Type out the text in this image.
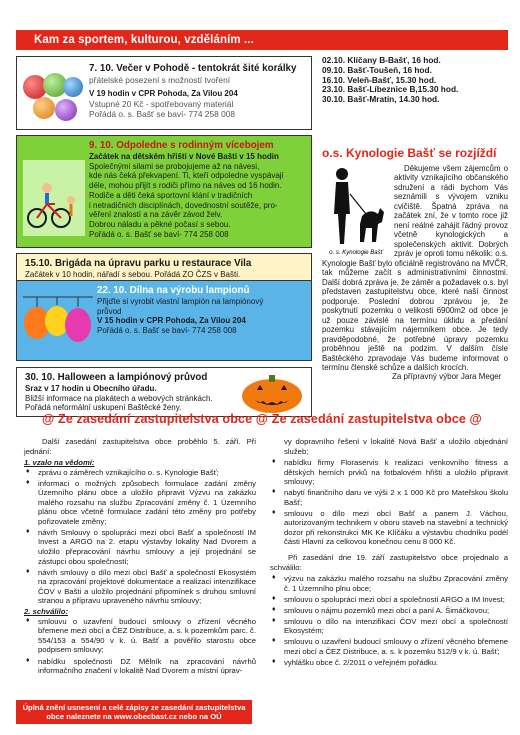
Kam za sportem, kulturou, vzděláním ...
7. 10. Večer v Pohodě - tentokrát šité korálky
přátelské posezení s možností tvoření
V 19 hodin v CPR Pohoda, Za Vilou 204
Vstupné 20 Kč - spotřebovaný materiál
Pořádá o. s. Bašť se baví- 774 258 008
9. 10. Odpoledne s rodinným vícebojem
Začátek na dětském hřišti v Nové Bašti v 15 hodin
Společnými silami se probojujeme až na návesi,
kde nás čeká překvapení. Ti, kteří odpoledne vyspávají
déle, mohou přijít s rodiči přímo na náves od 16 hodin.
Rodiče a děti čeká sportovní klání v tradičních
i netradičních disciplínách, dovednostní soutěže, pro-
věření znalostí a na závěr závod želv.
Dobrou náladu a pěkné počasí s sebou.
Pořádá o. s. Bašť se baví- 774 258 008
15.10. Brigáda na úpravu parku u restaurace Vila
Začátek v 10 hodin, nářadí s sebou. Pořádá ZO ČZS v Bašti.
22. 10. Dílna na výrobu lampionů
Přijďte si vyrobit vlastní lampión na lampiónový
průvod
V 15 hodin v CPR Pohoda, Za Vilou 204
Pořádá o. s. Bašť se baví- 774 258 008
30. 10. Halloween a lampiónový průvod
Sraz v 17 hodin u Obecního úřadu.
Bližší informace na plakátech a webových stránkách.
Pořádá neformální uskupení Baštěcké ženy.
02.10. Klíčany B-Bašť, 16 hod.
09.10. Bašť-Toušeň, 16 hod.
16.10. Veleň-Bašť, 15.30 hod.
23.10. Bašť-Líbeznice B,15.30 hod.
30.10. Bašť-Mratín, 14.30 hod.
o.s. Kynologie Bašť se rozjíždí
o. s. Kynologie Bašť

Děkujeme všem zájemcům o aktivity vznikajícího občanského sdružení a rádi bychom Vás seznámili s vývojem vzniku cvičiště. Špatná zpráva na začátek zní, že v tomto roce již není reálné zahájit řádný provoz včetně kynologických a společenských aktivit. Dobrých zpráv je oproti tomu několik: o.s. Kynologie Bašť bylo oficiálně registrováno na MVČR, tak můžeme začít s administrativními činnostmi. Další dobrá zpráva je, že záměr a požadavek o.s. byl představen zastupitelstvu obce, které naší činnost podporuje. Poslední dobrou zprávou je, že poskytnutí pozemku o velikosti 6900m2 od obce je už pouze závislé na termínu úklidu a předání pozemku stávajícím nájemníkem obce. Je tedy pravděpodobné, že potřebné úpravy pozemku proběhnou ještě na podzim. V dalším čísle Baštěckého zpravodaje Vás budeme informovat o termínu členské schůze a dalších krocích.

Za přípravný výbor Jara Meger
@ Ze zasedání zastupitelstva obce @ Ze zasedání zastupitelstva obce @
Další zasedání zastupitelstva obce proběhlo 5. září. Při jednání:
1. vzalo na vědomí:
♦ zprávu o záměrech vznikajícího o. s. Kynologie Bašť;
♦ informaci o možných způsobech formulace zadání změny Územního plánu obce a uložilo připravit Výzvu na zakázku malého rozsahu na službu Zpracování změny č. 1 Územního plánu obce včetně formulace zadání této změny pro potřeby pořizovatele změny;
♦ návrh Smlouvy o spolupráci mezi obcí Bašť a společností IM Invest a ARGO na 2. etapu výstavby lokality Nad Dvorem a uložilo přepracování návrhu smlouvy a její projednání se zástupci obou společností;
♦ návrh smlouvy o dílo mezi obcí Bašť a společností Ekosystém na zpracování projektové dokumentace a realizaci intenzifikace ČOV v Bašti a uložilo projednání připomínek s druhou smluvní stranou a přípravu upraveného návrhu smlouvy;
2. schválilo:
♦ smlouvu o uzavření budoucí smlouvy o zřízení věcného břemene mezi obcí a ČEZ Distribuce, a. s. k pozemkům parc. č. 554/153 a 554/90 v k. ú. Bašť a pověřilo starostu obce podpisem smlouvy;
♦ nabídku společnosti DZ Mělník na zpracování návrhů informačního značení v lokalitě Nad Dvorem a místní úprav-
vy dopravního řešení v lokalitě Nová Bašť a uložilo objednání služeb;
♦ nabídku firmy Floraservis k realizaci venkovního fitness a dětských herních prvků na fotbalovém hřišti a uložilo připravit smlouvy;
♦ nabytí finančního daru ve výši 2 x 1 000 Kč pro Mateřskou školu Bašť;
♦ smlouvu o dílo mezi obcí Bašť a panem J. Váchou, autorizovaným technikem v oboru staveb na stavební a technický dozor při rekonstrukci MK Ke Klíčáku a výstavbu chodníku podél části Hlavní za celkovou konečnou cenu 8 000 Kč.
Při zasedání dne 19. září zastupitelstvo obce projednalo a schválilo:
♦ výzvu na zakázku malého rozsahu na službu Zpracování změny č. 1 Územního plnu obce;
♦ smlouvu o spolupráci mezi obcí a společností ARGO a IM Invest;
♦ smlouvu o nájmu pozemků mezi obcí a paní A. Šimáčkovou;
♦ smlouvu o dílo na intenzifikaci ČOV mezi obcí a společností Ekosystém;
♦ smlouvu o uzavření budoucí smlouvy o zřízení věcného břemene mezi obcí a ČEZ Distribuce, a. s. k pozemku 512/9 v k. ú. Bašť;
♦ vyhlášku obce č. 2/2011 o veřejném pořádku.
Úplná znění usnesení a celé zápisy ze zasedání zastupitelstva obce naleznete na www.obecbast.cz nebo na OÚ
